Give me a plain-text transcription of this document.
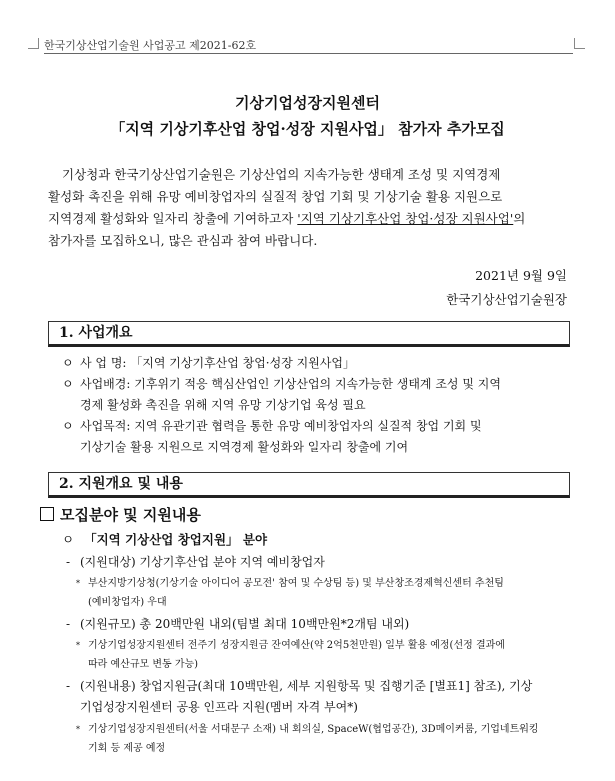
한국기상산업기술원 사업공고 제2021-62호
기상기업성장지원센터
「지역 기상기후산업 창업·성장 지원사업」 참가자 추가모집
기상청과 한국기상산업기술원은 기상산업의 지속가능한 생태계 조성 및 지역경제
활성화 촉진을 위해 유망 예비창업자의 실질적 창업 기회 및 기상기술 활용 지원으로
지역경제 활성화와 일자리 창출에 기여하고자 '지역 기상기후산업 창업·성장 지원사업'의
참가자를 모집하오니, 많은 관심과 참여 바랍니다.
2021년 9월 9일
한국기상산업기술원장
1. 사업개요
ㅇ 사 업 명: 「지역 기상기후산업 창업·성장 지원사업」
ㅇ 사업배경: 기후위기 적응 핵심산업인 기상산업의 지속가능한 생태계 조성 및 지역
경제 활성화 촉진을 위해 지역 유망 기상기업 육성 필요
ㅇ 사업목적: 지역 유관기관 협력을 통한 유망 예비창업자의 실질적 창업 기회 및
기상기술 활용 지원으로 지역경제 활성화와 일자리 창출에 기여
2. 지원개요 및 내용
모집분야 및 지원내용
ㅇ 「지역 기상산업 창업지원」 분야
- (지원대상) 기상기후산업 분야 지역 예비창업자
* 부산지방기상청(기상기술 아이디어 공모전' 참여 및 수상팀 등) 및 부산창조경제혁신센터 추천팀
(예비창업자) 우대
- (지원규모) 총 20백만원 내외(팀별 최대 10백만원*2개팀 내외)
* 기상기업성장지원센터 전주기 성장지원금 잔여예산(약 2억5천만원) 일부 활용 예정(선정 결과에
따라 예산규모 변동 가능)
- (지원내용) 창업지원금(최대 10백만원, 세부 지원항목 및 집행기준 [별표1] 참조), 기상
기업성장지원센터 공용 인프라 지원(멤버 자격 부여*)
* 기상기업성장지원센터(서울 서대문구 소재) 내 회의실, SpaceW(협업공간), 3D메이커룸, 기업네트워킹
기회 등 제공 예정
